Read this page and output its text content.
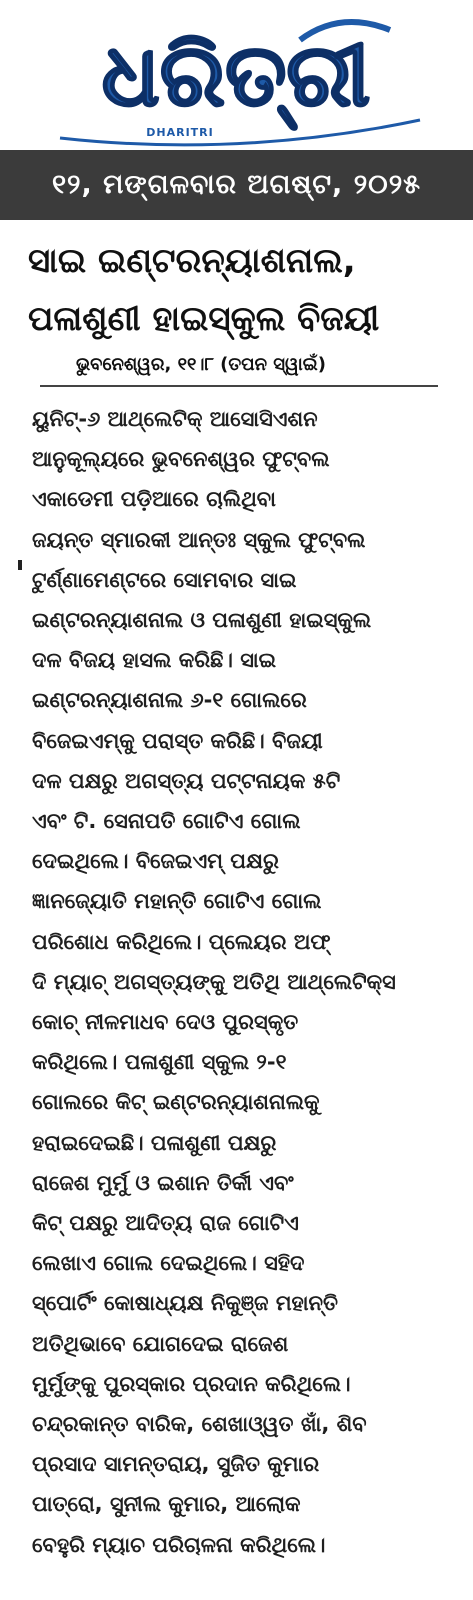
ଧରିତ୍ରୀ
DHARITRI
୧୨, ମଙ୍ଗଳବାର ଅଗଷ୍ଟ, ୨୦୨୫
ସାଇ ଇଣ୍ଟରନ୍ୟାଶନାଲ,
ପଳାଶୁଣୀ ହାଇସ୍କୁଲ ବିଜୟୀ
ଭୁବନେଶ୍ୱର, ୧୧।୮ (ତପନ ସ୍ୱାଇଁ)
ୟୁନିଟ୍-୬ ଆଥ୍ଲେଟିକ୍ ଆସୋସିଏଶନ
ଆନୁକୂଲ୍ୟରେ ଭୁବନେଶ୍ୱର ଫୁଟ୍‌ବଲ
ଏକାଡେମୀ ପଡ଼ିଆରେ ଚାଲିଥିବା
ଜୟନ୍ତ ସ୍ମାରକୀ ଆନ୍ତଃ ସ୍କୁଲ ଫୁଟ୍‌ବଲ
ଟୁର୍ଣ୍ଣାମେଣ୍ଟରେ ସୋମବାର ସାଇ
ଇଣ୍ଟରନ୍ୟାଶନାଲ ଓ ପଳାଶୁଣୀ ହାଇସ୍କୁଲ
ଦଳ ବିଜୟ ହାସଲ କରିଛି। ସାଇ
ଇଣ୍ଟରନ୍ୟାଶନାଲ ୬-୧ ଗୋଲରେ
ବିଜେଇଏମ୍‌କୁ ପରାସ୍ତ କରିଛି। ବିଜୟୀ
ଦଳ ପକ୍ଷରୁ ଅଗସ୍ତ୍ୟ ପଟ୍ଟନାୟକ ୫ଟି
ଏବଂ ଟି. ସେନାପତି ଗୋଟିଏ ଗୋଲ
ଦେଇଥିଲେ। ବିଜେଇଏମ୍ ପକ୍ଷରୁ
ଜ୍ଞାନଜ୍ୟୋତି ମହାନ୍ତି ଗୋଟିଏ ଗୋଲ
ପରିଶୋଧ କରିଥିଲେ। ପ୍ଲେୟର ଅଫ୍
ଦି ମ୍ୟାଚ୍ ଅଗସ୍ତ୍ୟଙ୍କୁ ଅତିଥି ଆଥ୍ଲେଟିକ୍ସ
କୋଚ୍ ନୀଳମାଧବ ଦେଓ ପୁରସ୍କୃତ
କରିଥିଲେ। ପଳାଶୁଣୀ ସ୍କୁଲ ୨-୧
ଗୋଲରେ କିଟ୍ ଇଣ୍ଟରନ୍ୟାଶନାଲକୁ
ହରାଇଦେଇଛି। ପଳାଶୁଣୀ ପକ୍ଷରୁ
ରାଜେଶ ମୁର୍ମୁ ଓ ଇଶାନ ତିର୍କୀ ଏବଂ
କିଟ୍ ପକ୍ଷରୁ ଆଦିତ୍ୟ ରାଜ ଗୋଟିଏ
ଲେଖାଏ ଗୋଲ ଦେଇଥିଲେ। ସହିଦ
ସ୍ପୋର୍ଟିଂ କୋଷାଧ୍ୟକ୍ଷ ନିକୁଞ୍ଜ ମହାନ୍ତି
ଅତିଥିଭାବେ ଯୋଗଦେଇ ରାଜେଶ
ମୁର୍ମୁଙ୍କୁ ପୁରସ୍କାର ପ୍ରଦାନ କରିଥିଲେ।
ଚନ୍ଦ୍ରକାନ୍ତ ବାରିକ, ଶେଖାଓ୍ୱତ ଖାଁ, ଶିବ
ପ୍ରସାଦ ସାମନ୍ତରାୟ, ସୁଜିତ କୁମାର
ପାତ୍ରୋ, ସୁନୀଲ କୁମାର, ଆଲୋକ
ବେହୁରି ମ୍ୟାଚ ପରିଚାଳନା କରିଥିଲେ।
